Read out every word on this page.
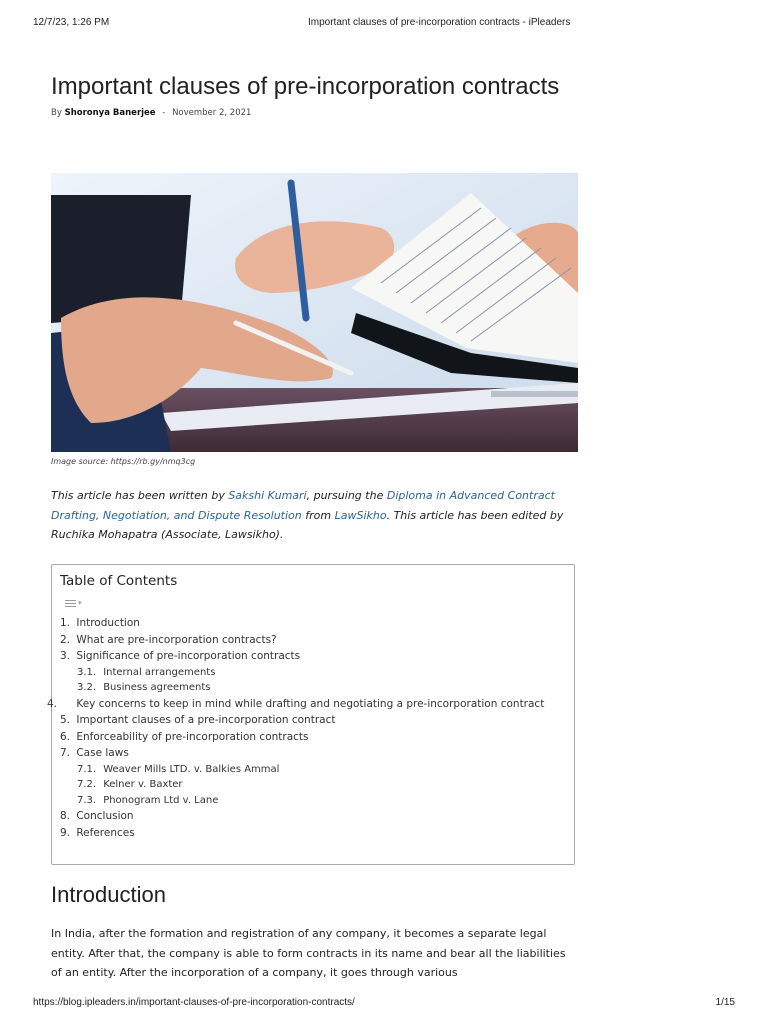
12/7/23, 1:26 PM	Important clauses of pre-incorporation contracts - iPleaders
Important clauses of pre-incorporation contracts
By Shoronya Banerjee - November 2, 2021
Image source: https://rb.gy/nmq3cg
This article has been written by Sakshi Kumari, pursuing the Diploma in Advanced Contract Drafting, Negotiation, and Dispute Resolution from LawSikho. This article has been edited by Ruchika Mohapatra (Associate, Lawsikho).
Table of Contents
▾
1. Introduction
2. What are pre-incorporation contracts?
3. Significance of pre-incorporation contracts
3.1. Internal arrangements
3.2. Business agreements
4. Key concerns to keep in mind while drafting and negotiating a pre-incorporation contract
5. Important clauses of a pre-incorporation contract
6. Enforceability of pre-incorporation contracts
7. Case laws
7.1. Weaver Mills LTD. v. Balkies Ammal
7.2. Kelner v. Baxter
7.3. Phonogram Ltd v. Lane
8. Conclusion
9. References
Introduction
In India, after the formation and registration of any company, it becomes a separate legal entity. After that, the company is able to form contracts in its name and bear all the liabilities of an entity. After the incorporation of a company, it goes through various
https://blog.ipleaders.in/important-clauses-of-pre-incorporation-contracts/	1/15
